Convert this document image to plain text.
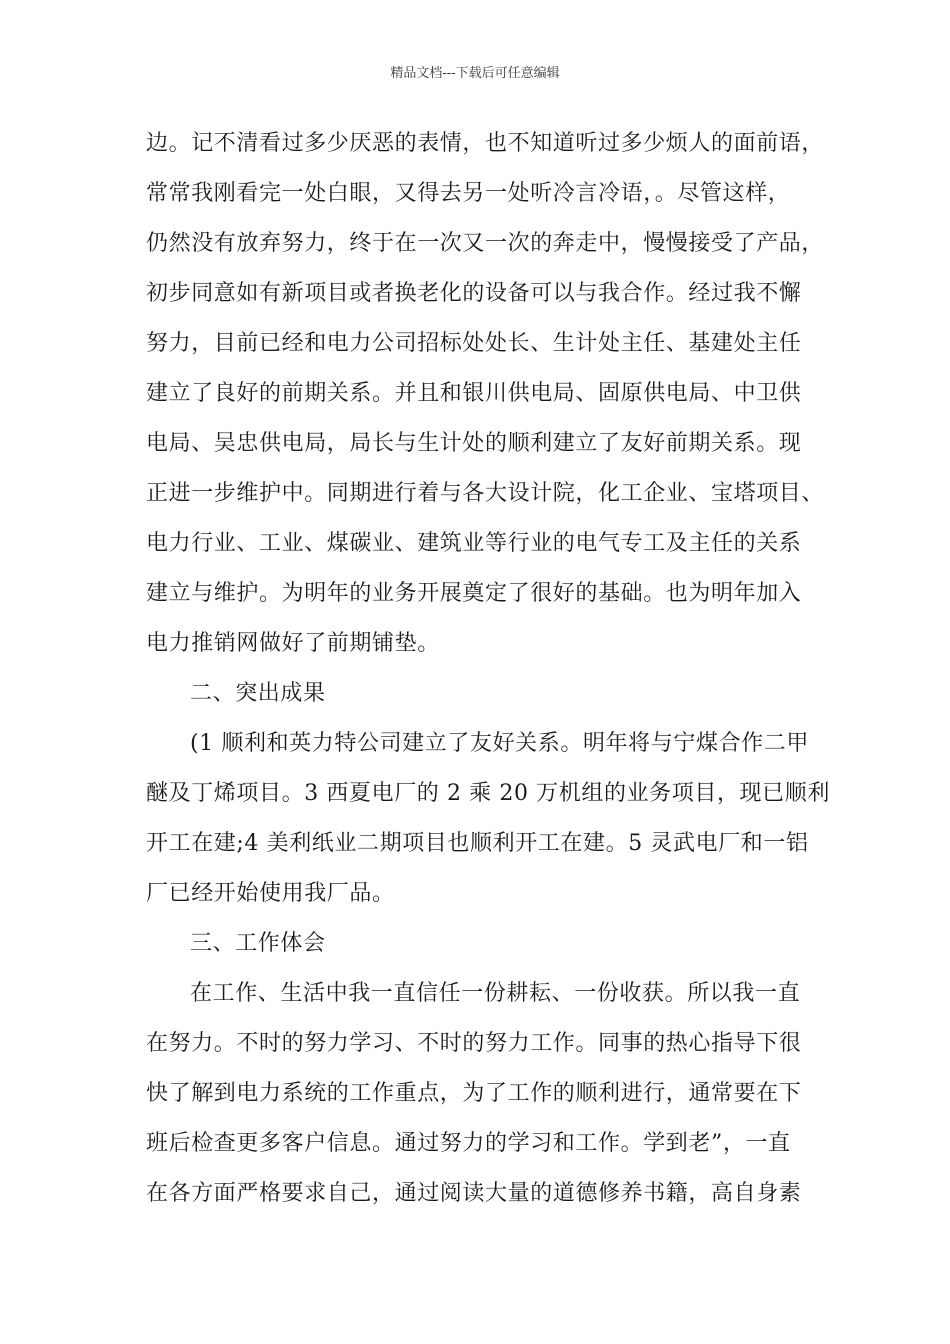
精品文档---下载后可任意编辑
边。记不清看过多少厌恶的表情，也不知道听过多少烦人的面前语，
常常我刚看完一处白眼，又得去另一处听冷言冷语，。尽管这样，
仍然没有放弃努力，终于在一次又一次的奔走中，慢慢接受了产品，
初步同意如有新项目或者换老化的设备可以与我合作。经过我不懈
努力，目前已经和电力公司招标处处长、生计处主任、基建处主任
建立了良好的前期关系。并且和银川供电局、固原供电局、中卫供
电局、吴忠供电局，局长与生计处的顺利建立了友好前期关系。现
正进一步维护中。同期进行着与各大设计院，化工企业、宝塔项目、
电力行业、工业、煤碳业、建筑业等行业的电气专工及主任的关系
建立与维护。为明年的业务开展奠定了很好的基础。也为明年加入
电力推销网做好了前期铺垫。
二、突出成果
(1 顺利和英力特公司建立了友好关系。明年将与宁煤合作二甲
醚及丁烯项目。3 西夏电厂的 2 乘 20 万机组的业务项目，现已顺利
开工在建;4 美利纸业二期项目也顺利开工在建。5 灵武电厂和一铝
厂已经开始使用我厂品。
三、工作体会
在工作、生活中我一直信任一份耕耘、一份收获。所以我一直
在努力。不时的努力学习、不时的努力工作。同事的热心指导下很
快了解到电力系统的工作重点，为了工作的顺利进行，通常要在下
班后检查更多客户信息。通过努力的学习和工作。学到老”，一直
在各方面严格要求自己，通过阅读大量的道德修养书籍，高自身素
